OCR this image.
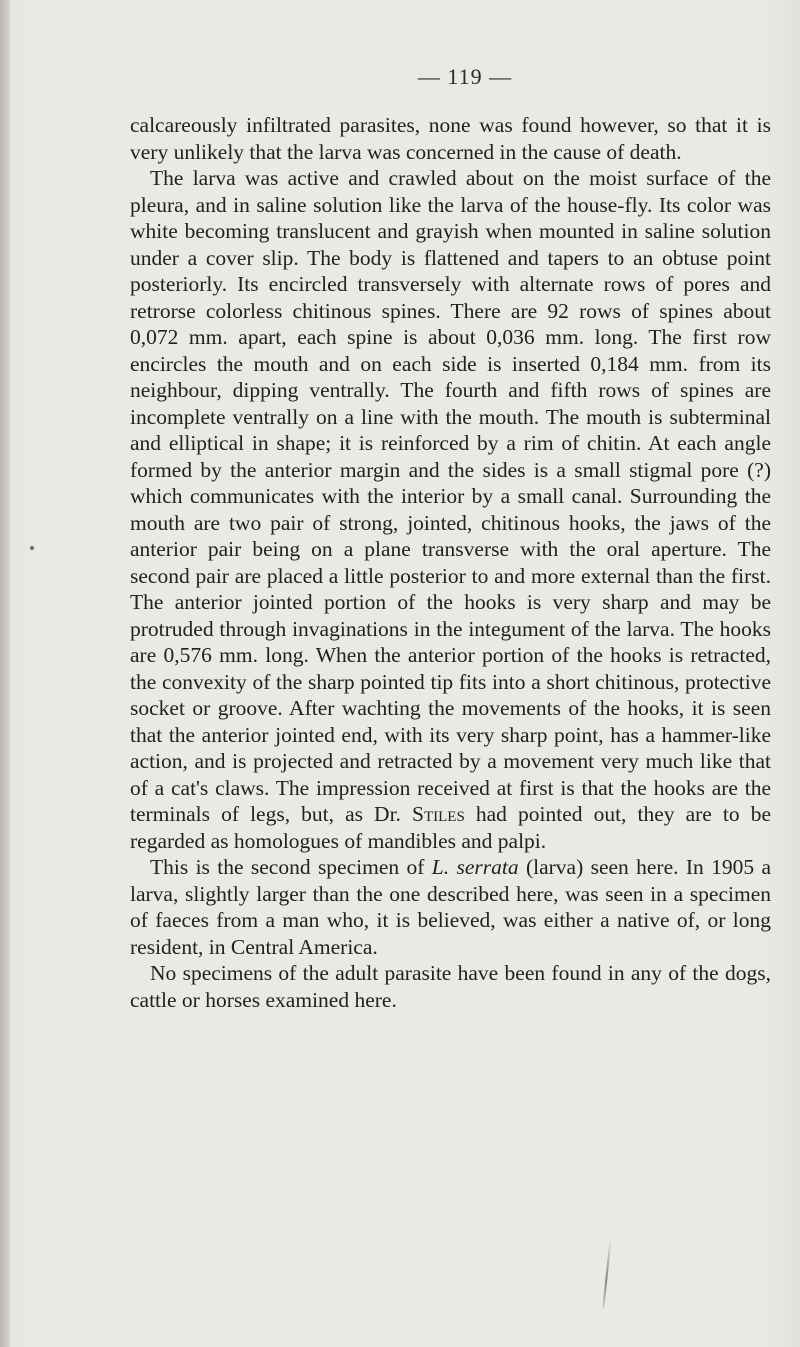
— 119 —

calcareously infiltrated parasites, none was found however, so that it is very unlikely that the larva was concerned in the cause of death.

The larva was active and crawled about on the moist surface of the pleura, and in saline solution like the larva of the house-fly. Its color was white becoming translucent and grayish when mounted in saline solution under a cover slip. The body is flattened and tapers to an obtuse point posteriorly. Its encircled transversely with alternate rows of pores and retrorse colorless chitinous spines. There are 92 rows of spines about 0,072 mm. apart, each spine is about 0,036 mm. long. The first row encircles the mouth and on each side is inserted 0,184 mm. from its neighbour, dipping ventrally. The fourth and fifth rows of spines are incomplete ventrally on a line with the mouth. The mouth is subterminal and elliptical in shape; it is reinforced by a rim of chitin. At each angle formed by the anterior margin and the sides is a small stigmal pore (?) which communicates with the interior by a small canal. Surrounding the mouth are two pair of strong, jointed, chitinous hooks, the jaws of the anterior pair being on a plane transverse with the oral aperture. The second pair are placed a little posterior to and more external than the first. The anterior jointed portion of the hooks is very sharp and may be protruded through invaginations in the integument of the larva. The hooks are 0,576 mm. long. When the anterior portion of the hooks is retracted, the convexity of the sharp pointed tip fits into a short chitinous, protective socket or groove. After wachting the movements of the hooks, it is seen that the anterior jointed end, with its very sharp point, has a hammer-like action, and is projected and retracted by a movement very much like that of a cat's claws. The impression received at first is that the hooks are the terminals of legs, but, as Dr. Stiles had pointed out, they are to be regarded as homologues of mandibles and palpi.

This is the second specimen of L. serrata (larva) seen here. In 1905 a larva, slightly larger than the one described here, was seen in a specimen of faeces from a man who, it is believed, was either a native of, or long resident, in Central America.

No specimens of the adult parasite have been found in any of the dogs, cattle or horses examined here.
